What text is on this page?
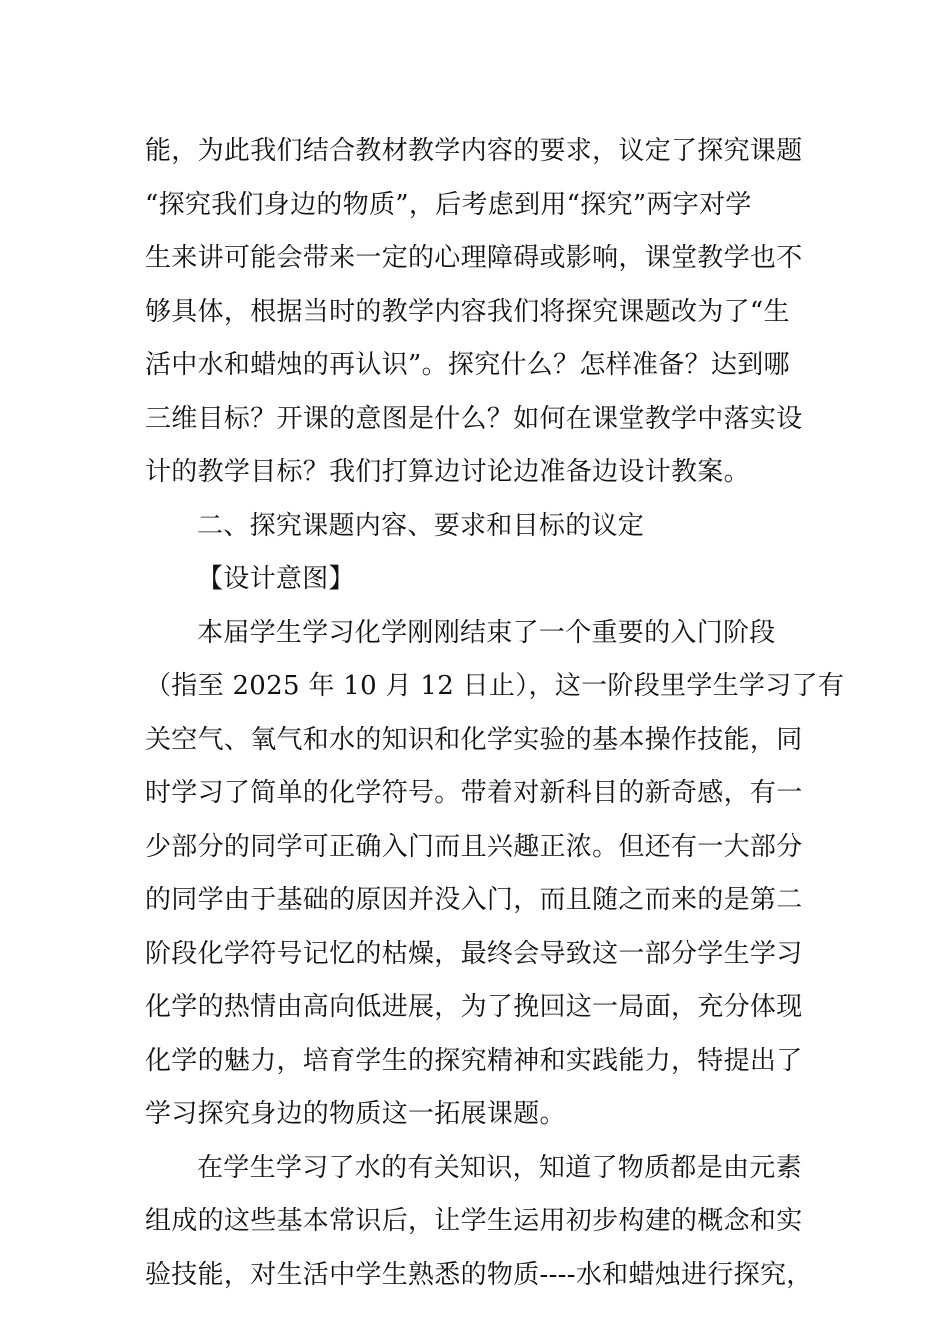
能，为此我们结合教材教学内容的要求，议定了探究课题
“探究我们身边的物质”，后考虑到用“探究”两字对学
生来讲可能会带来一定的心理障碍或影响，课堂教学也不
够具体，根据当时的教学内容我们将探究课题改为了“生
活中水和蜡烛的再认识”。探究什么？怎样准备？达到哪
三维目标？开课的意图是什么？如何在课堂教学中落实设
计的教学目标？我们打算边讨论边准备边设计教案。
二、探究课题内容、要求和目标的议定
【设计意图】
本届学生学习化学刚刚结束了一个重要的入门阶段
（指至 2025 年 10 月 12 日止），这一阶段里学生学习了有
关空气、氧气和水的知识和化学实验的基本操作技能，同
时学习了简单的化学符号。带着对新科目的新奇感，有一
少部分的同学可正确入门而且兴趣正浓。但还有一大部分
的同学由于基础的原因并没入门，而且随之而来的是第二
阶段化学符号记忆的枯燥，最终会导致这一部分学生学习
化学的热情由高向低进展，为了挽回这一局面，充分体现
化学的魅力，培育学生的探究精神和实践能力，特提出了
学习探究身边的物质这一拓展课题。
在学生学习了水的有关知识，知道了物质都是由元素
组成的这些基本常识后，让学生运用初步构建的概念和实
验技能，对生活中学生熟悉的物质----水和蜡烛进行探究，
